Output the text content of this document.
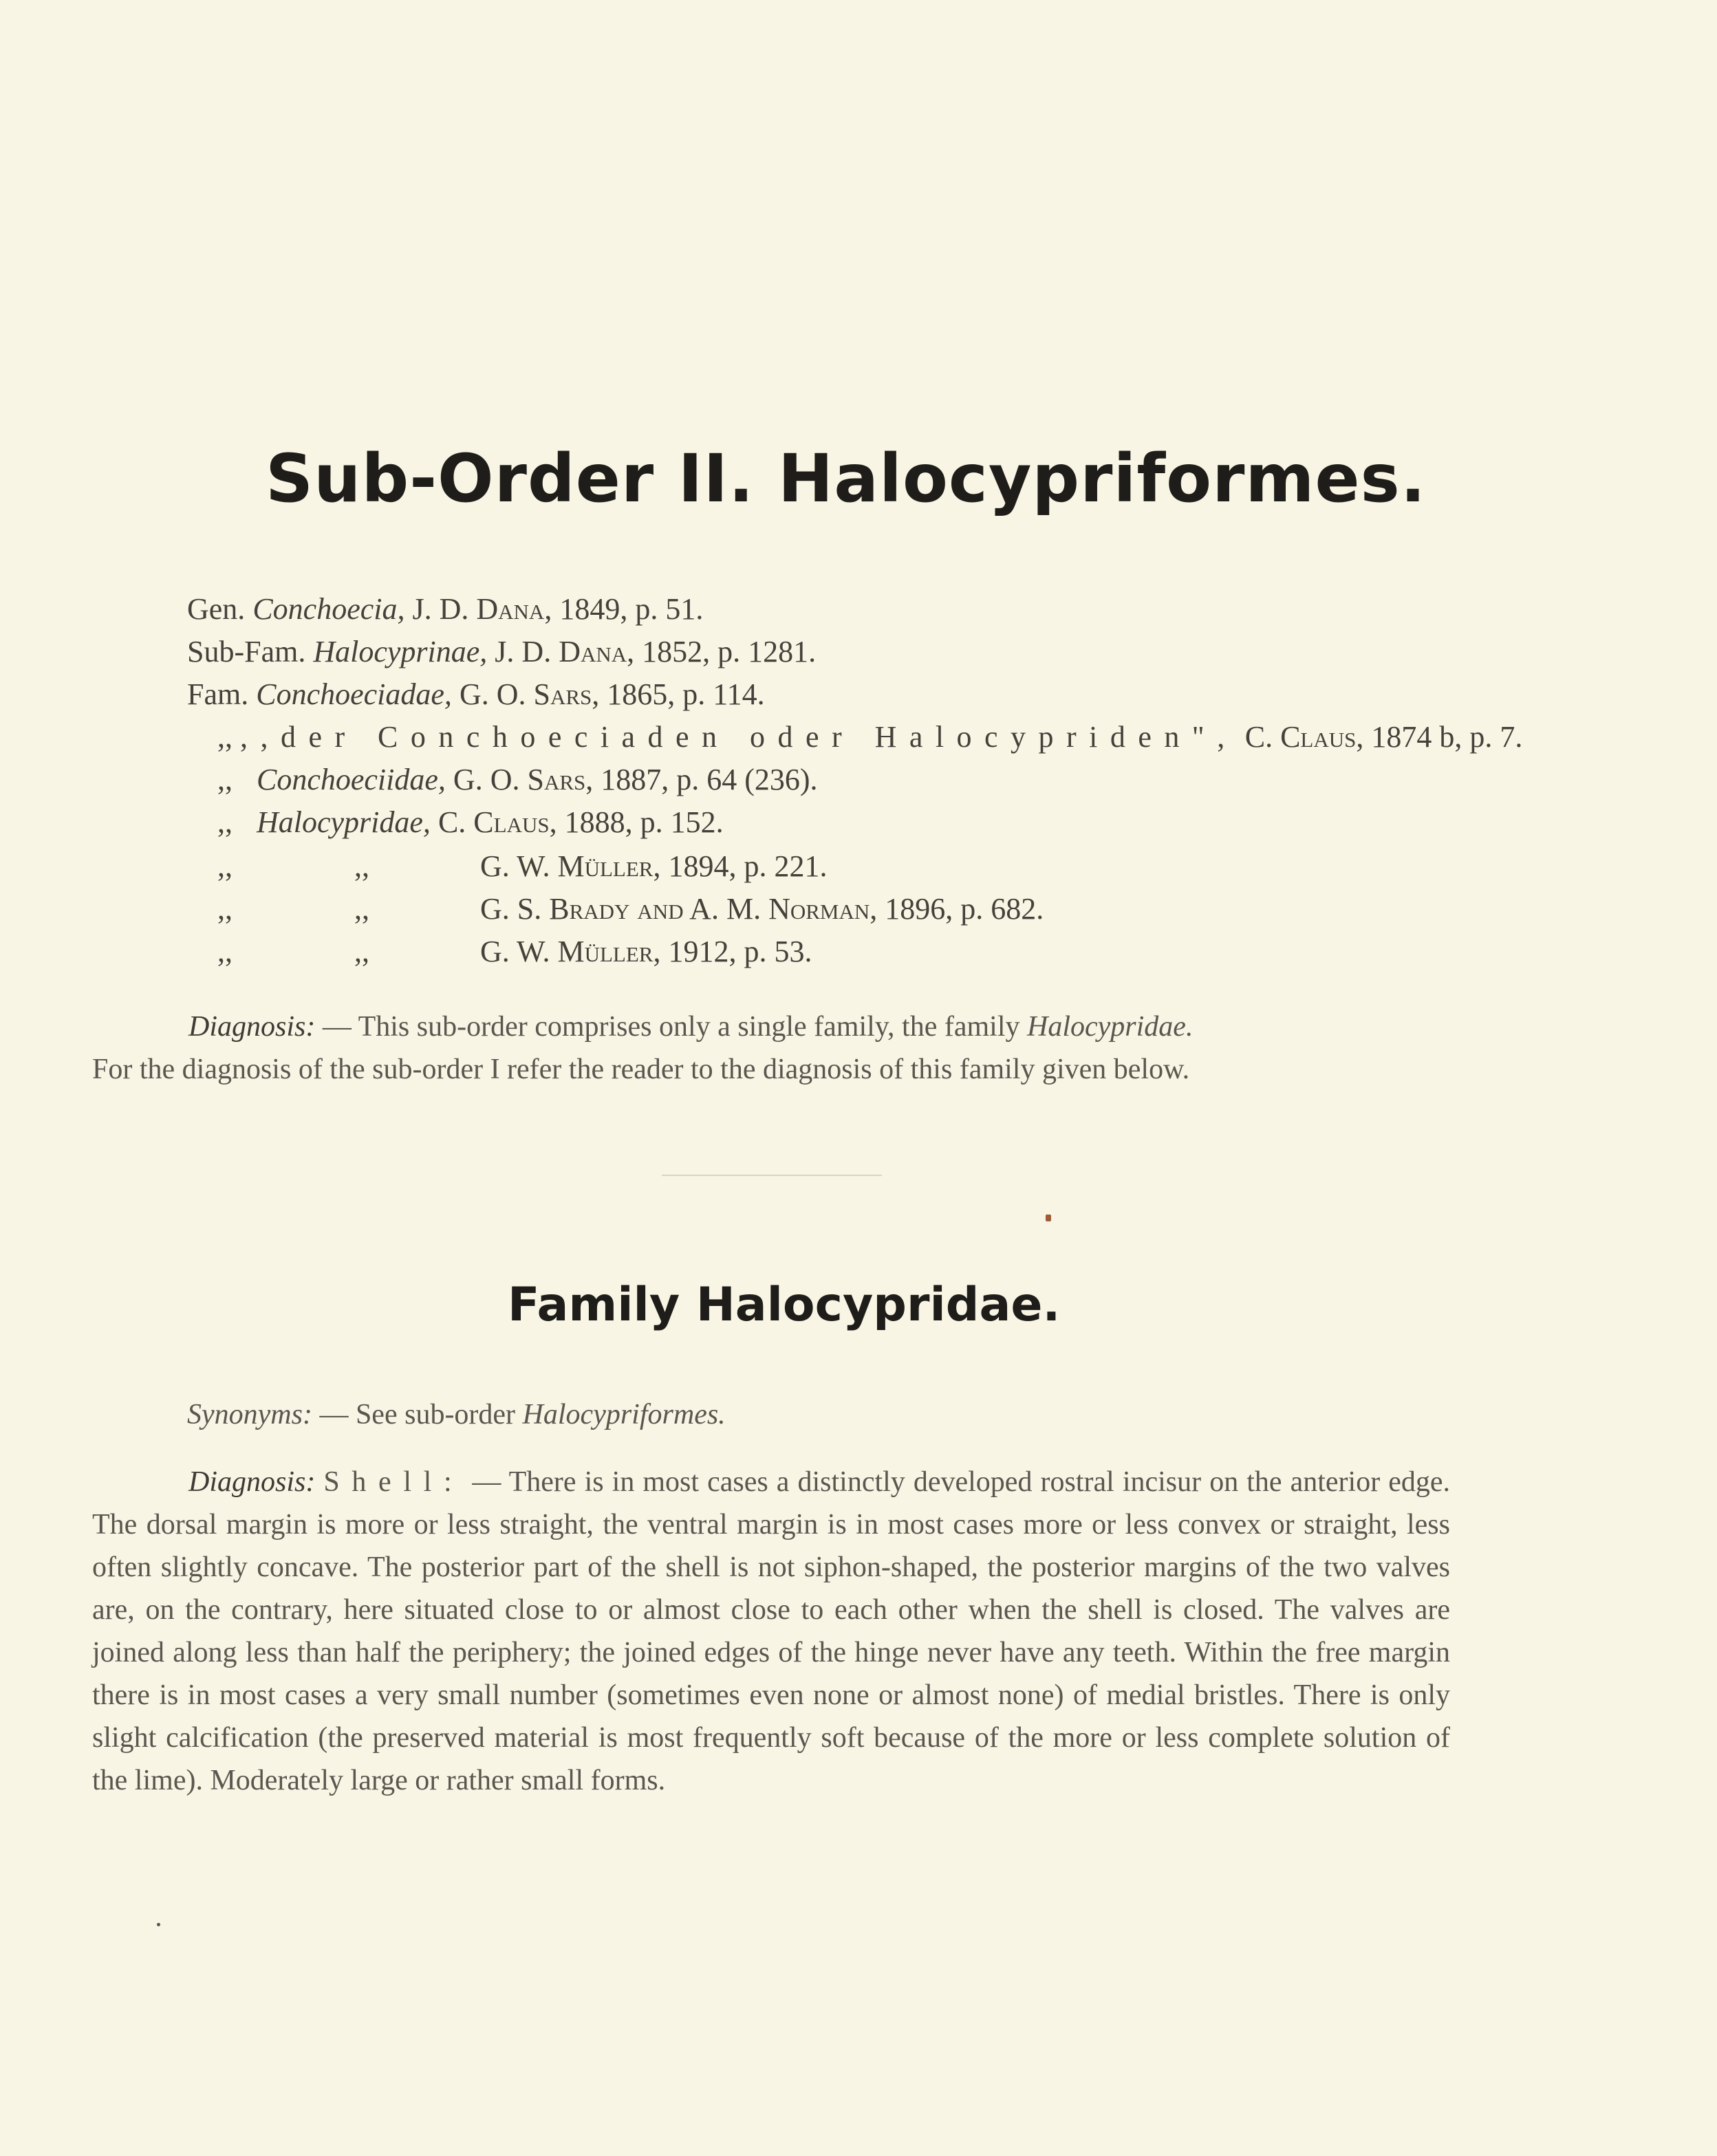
Sub-Order II. Halocypriformes.
Gen. Conchoecia, J. D. Dana, 1849, p. 51.
Sub-Fam. Halocyprinae, J. D. Dana, 1852, p. 1281.
Fam. Conchoeciadae, G. O. Sars, 1865, p. 114.
,, ,,der Conchoeciaden oder Halocypriden", C. Claus, 1874 b, p. 7.
,, Conchoeciidae, G. O. Sars, 1887, p. 64 (236).
,, Halocypridae, C. Claus, 1888, p. 152.
,,	,,	G. W. Müller, 1894, p. 221.
,,	,,	G. S. Brady and A. M. Norman, 1896, p. 682.
,,	,,	G. W. Müller, 1912, p. 53.

Diagnosis: — This sub-order comprises only a single family, the family Halocypridae.
For the diagnosis of the sub-order I refer the reader to the diagnosis of this family given below.

Family Halocypridae.
Synonyms: — See sub-order Halocypriformes.

Diagnosis: Shell: — There is in most cases a distinctly developed rostral incisur on the anterior edge. The dorsal margin is more or less straight, the ventral margin is in most cases more or less convex or straight, less often slightly concave. The posterior part of the shell is not siphon-shaped, the posterior margins of the two valves are, on the contrary, here situated close to or almost close to each other when the shell is closed. The valves are joined along less than half the periphery; the joined edges of the hinge never have any teeth. Within the free margin there is in most cases a very small number (sometimes even none or almost none) of medial bristles. There is only slight calcification (the preserved material is most frequently soft because of the more or less complete solution of the lime). Moderately large or rather small forms.
